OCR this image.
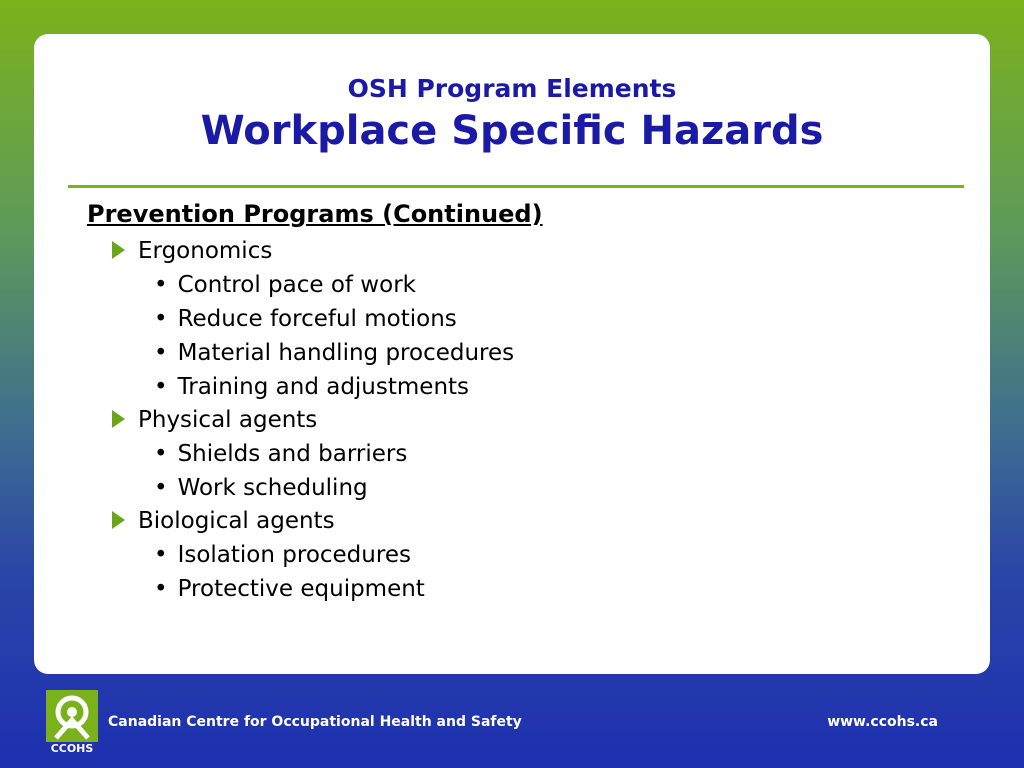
OSH Program Elements
Workplace Specific Hazards
Prevention Programs (Continued)
Ergonomics
• Control pace of work
• Reduce forceful motions
• Material handling procedures
• Training and adjustments
Physical agents
• Shields and barriers
• Work scheduling
Biological agents
• Isolation procedures
• Protective equipment
CCOHS
Canadian Centre for Occupational Health and Safety	www.ccohs.ca
